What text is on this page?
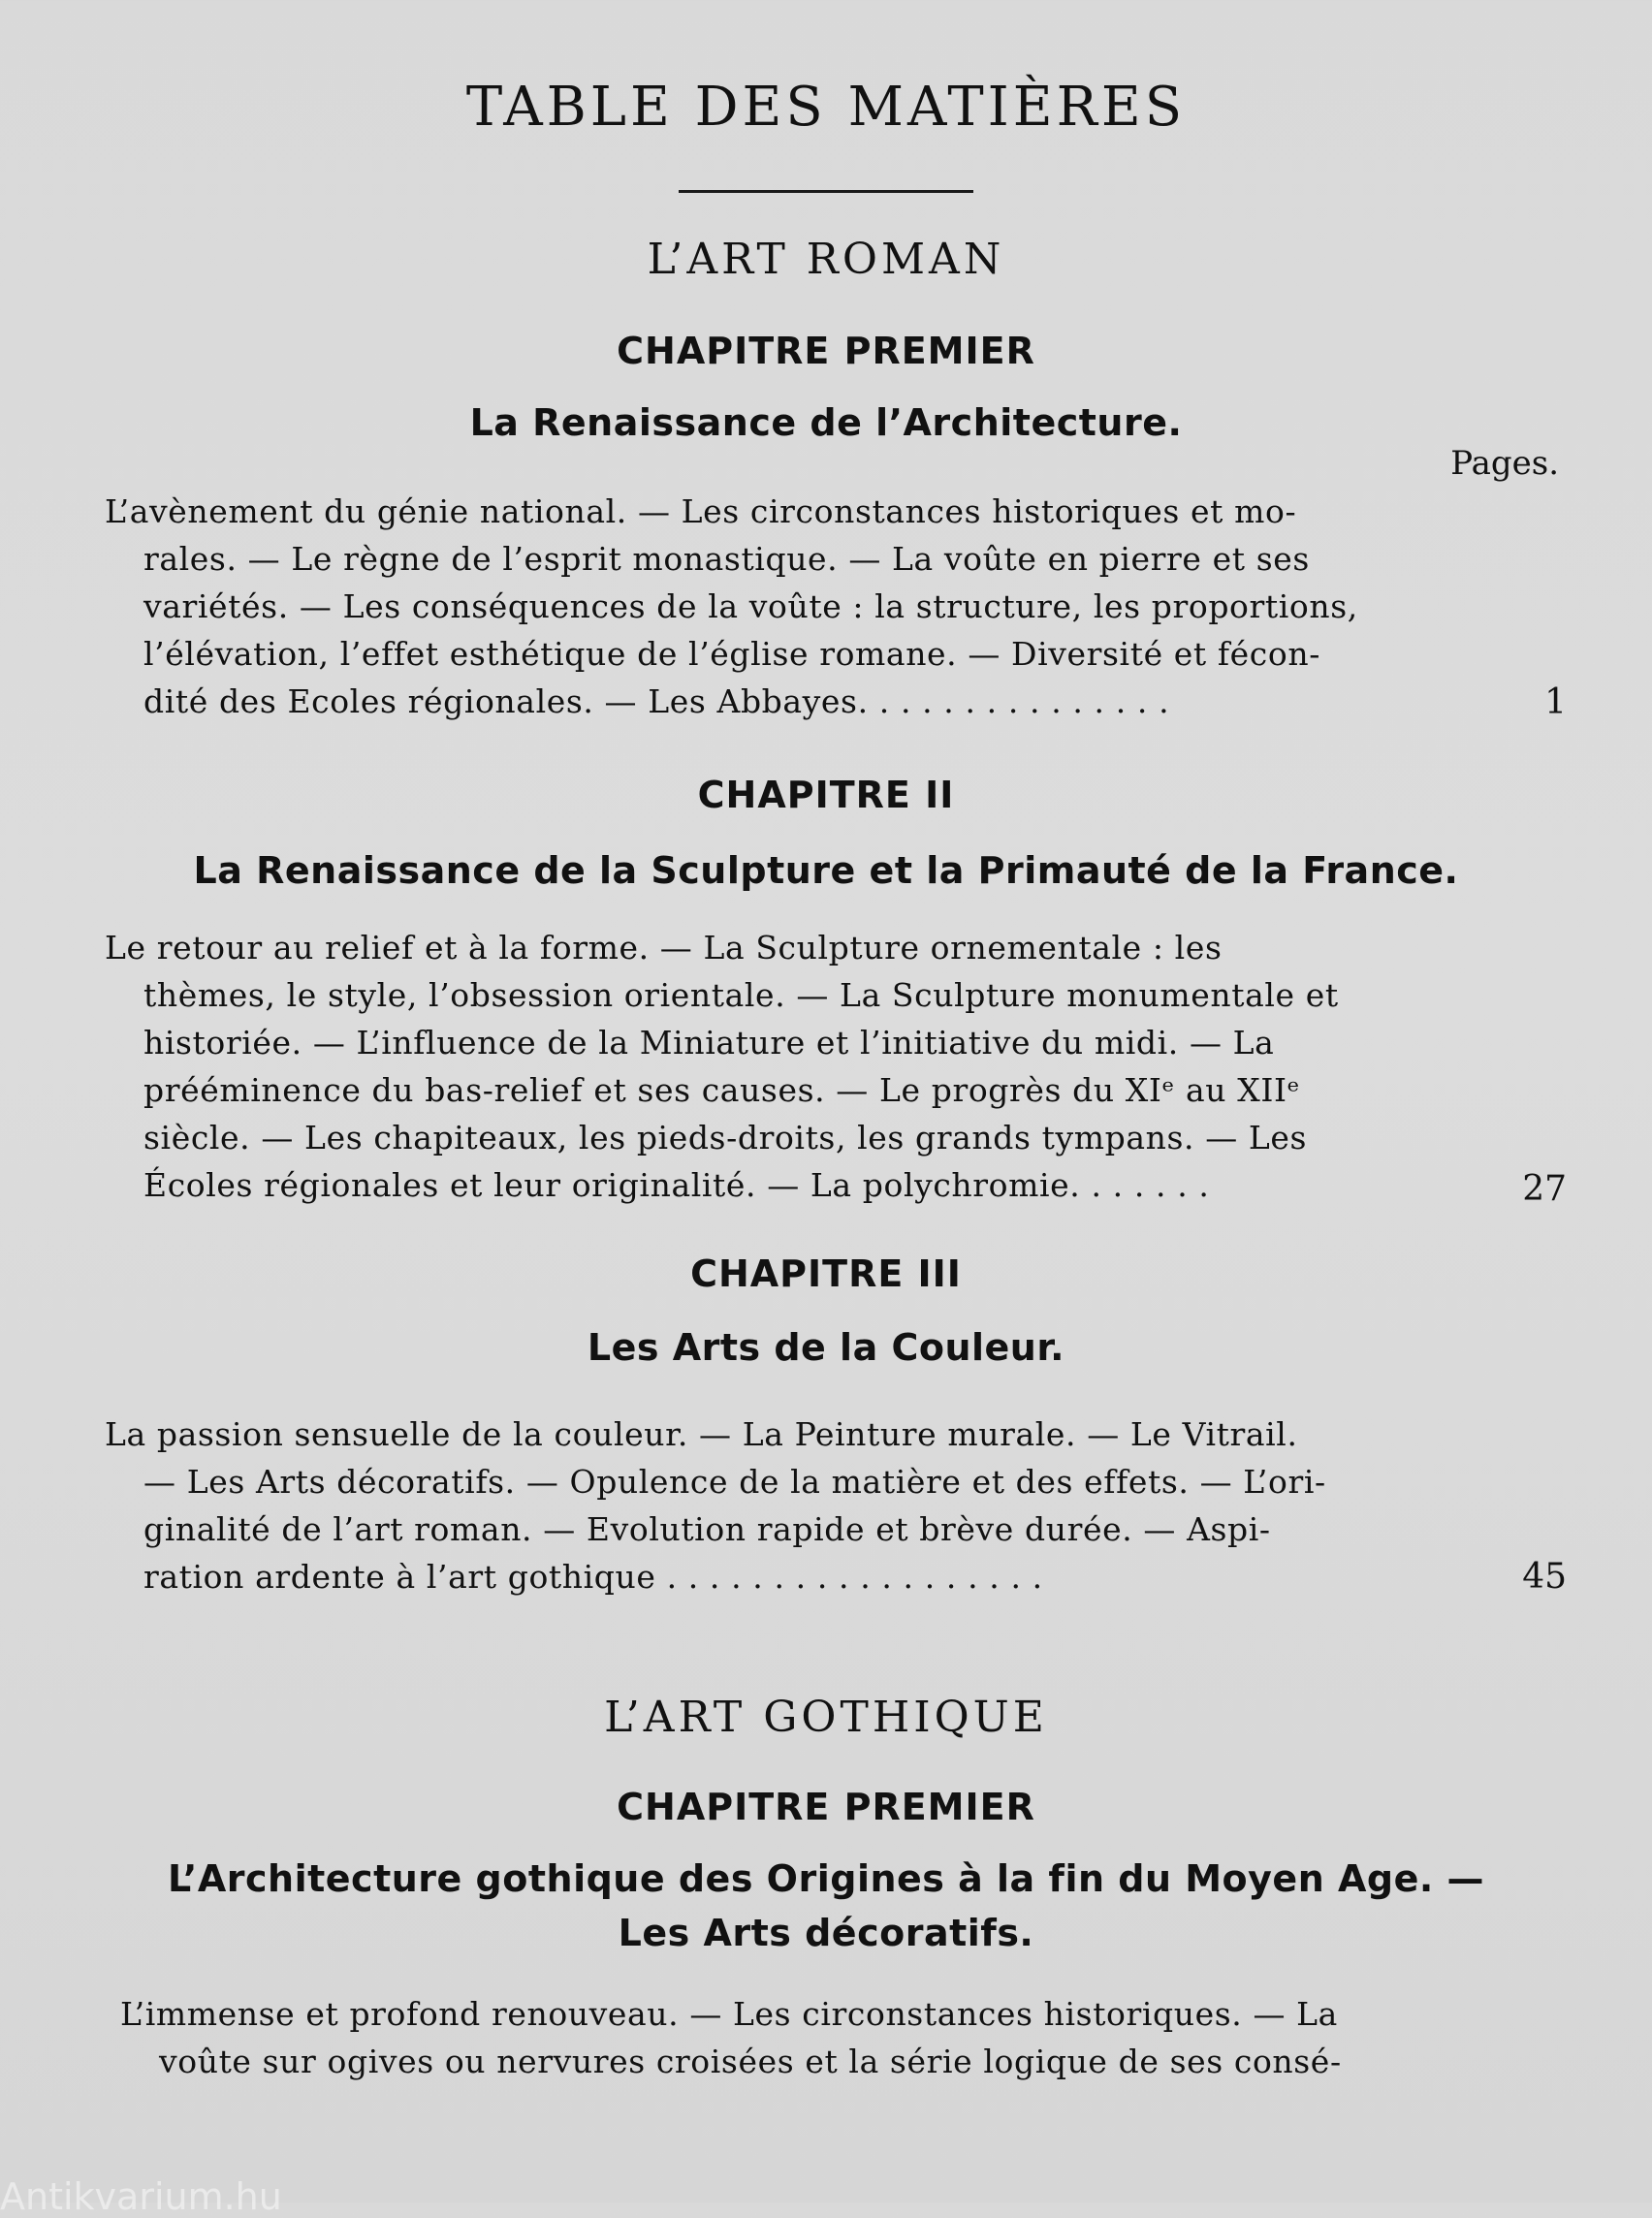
TABLE DES MATIÈRES
L’ART ROMAN
CHAPITRE PREMIER
La Renaissance de l’Architecture.
Pages.
L’avènement du génie national. — Les circonstances historiques et mo-
rales. — Le règne de l’esprit monastique. — La voûte en pierre et ses
variétés. — Les conséquences de la voûte : la structure, les proportions,
l’élévation, l’effet esthétique de l’église romane. — Diversité et fécon-
dité des Ecoles régionales. — Les Abbayes. . . . . . . . . . . . . . .	1
CHAPITRE II
La Renaissance de la Sculpture et la Primauté de la France.
Le retour au relief et à la forme. — La Sculpture ornementale : les
thèmes, le style, l’obsession orientale. — La Sculpture monumentale et
historiée. — L’influence de la Miniature et l’initiative du midi. — La
prééminence du bas-relief et ses causes. — Le progrès du XIᵉ au XIIᵉ
siècle. — Les chapiteaux, les pieds-droits, les grands tympans. — Les
Écoles régionales et leur originalité. — La polychromie. . . . . . .	27
CHAPITRE III
Les Arts de la Couleur.
La passion sensuelle de la couleur. — La Peinture murale. — Le Vitrail.
— Les Arts décoratifs. — Opulence de la matière et des effets. — L’ori-
ginalité de l’art roman. — Evolution rapide et brève durée. — Aspi-
ration ardente à l’art gothique . . . . . . . . . . . . . . . . . .	45
L’ART GOTHIQUE
CHAPITRE PREMIER
L’Architecture gothique des Origines à la fin du Moyen Age. —
Les Arts décoratifs.
L’immense et profond renouveau. — Les circonstances historiques. — La
voûte sur ogives ou nervures croisées et la série logique de ses consé-
Antikvarium.hu
